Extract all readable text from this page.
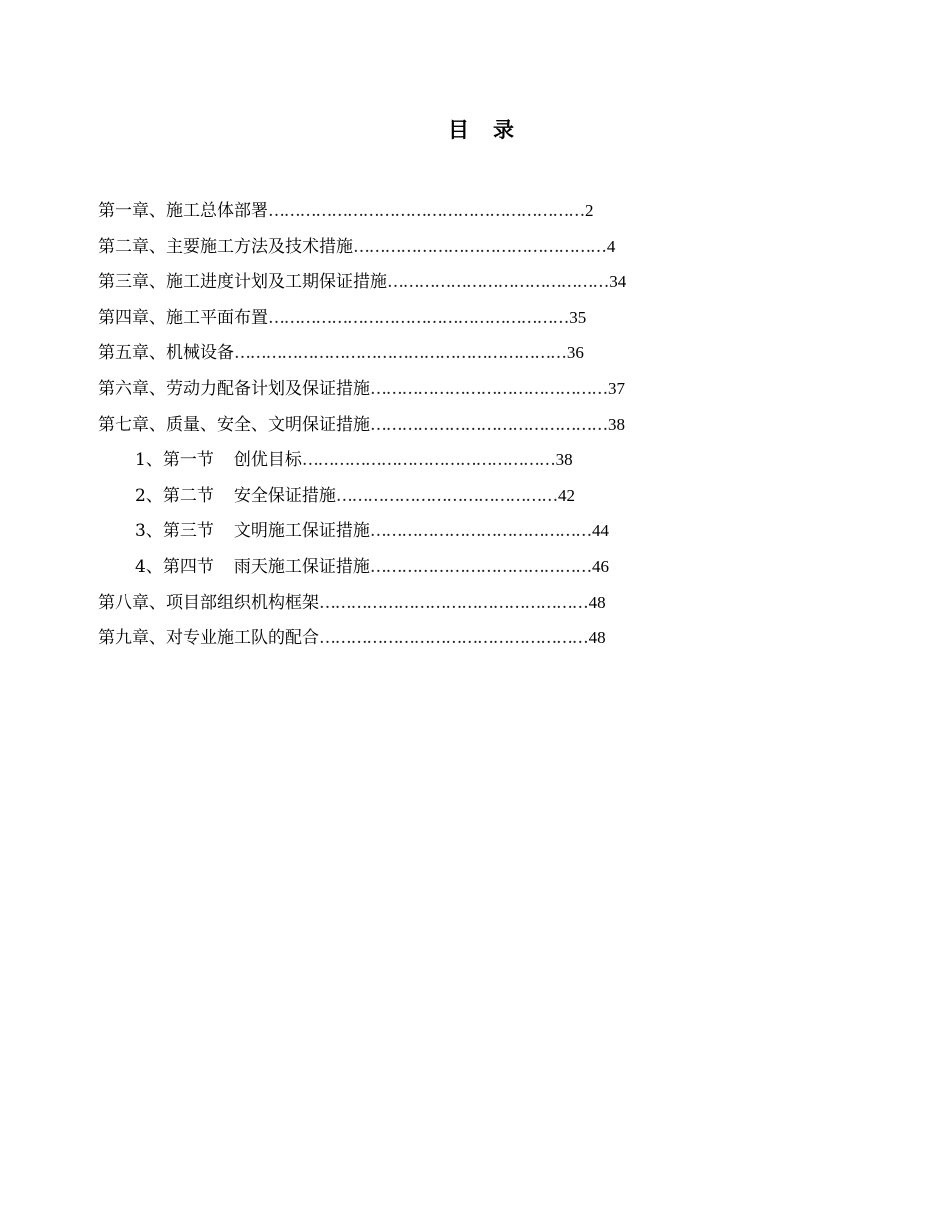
目 录
第一章、施工总体部署……………………………………………………2
第二章、主要施工方法及技术措施…………………………………………4
第三章、施工进度计划及工期保证措施……………………………………34
第四章、施工平面布置…………………………………………………35
第五章、机械设备………………………………………………………36
第六章、劳动力配备计划及保证措施………………………………………37
第七章、质量、安全、文明保证措施………………………………………38
1、第一节 创优目标…………………………………………38
2、第二节 安全保证措施……………………………………42
3、第三节 文明施工保证措施……………………………………44
4、第四节 雨天施工保证措施……………………………………46
第八章、项目部组织机构框架……………………………………………48
第九章、对专业施工队的配合……………………………………………48
